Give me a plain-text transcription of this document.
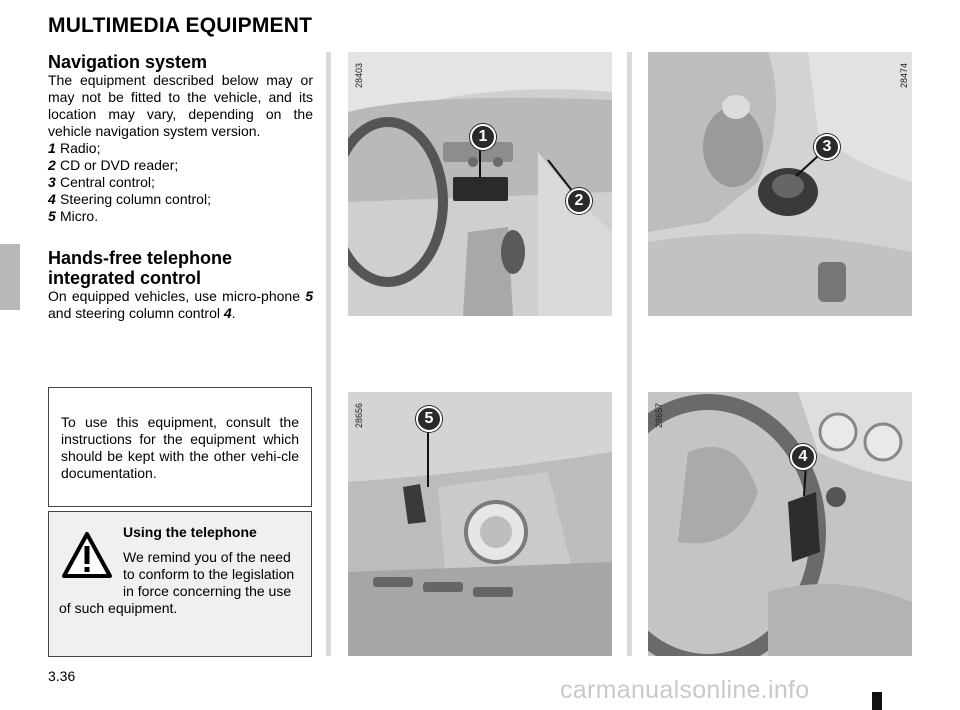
MULTIMEDIA EQUIPMENT

Navigation system

The equipment described below may or may not be fitted to the vehicle, and its location may vary, depending on the vehicle navigation system version.

1 Radio;
2 CD or DVD reader;
3 Central control;
4 Steering column control;
5 Micro.

Hands-free telephone

integrated control

On equipped vehicles, use micro-phone 5 and steering column control 4.

To use this equipment, consult the instructions for the equipment which should be kept with the other vehi-cle documentation.

Using the telephone

We remind you of the need to conform to the legislation in force concerning the use of such equipment.
28403
1
2
28474
3
28656	5	28657
4
3.36	carmanualsonline.info
